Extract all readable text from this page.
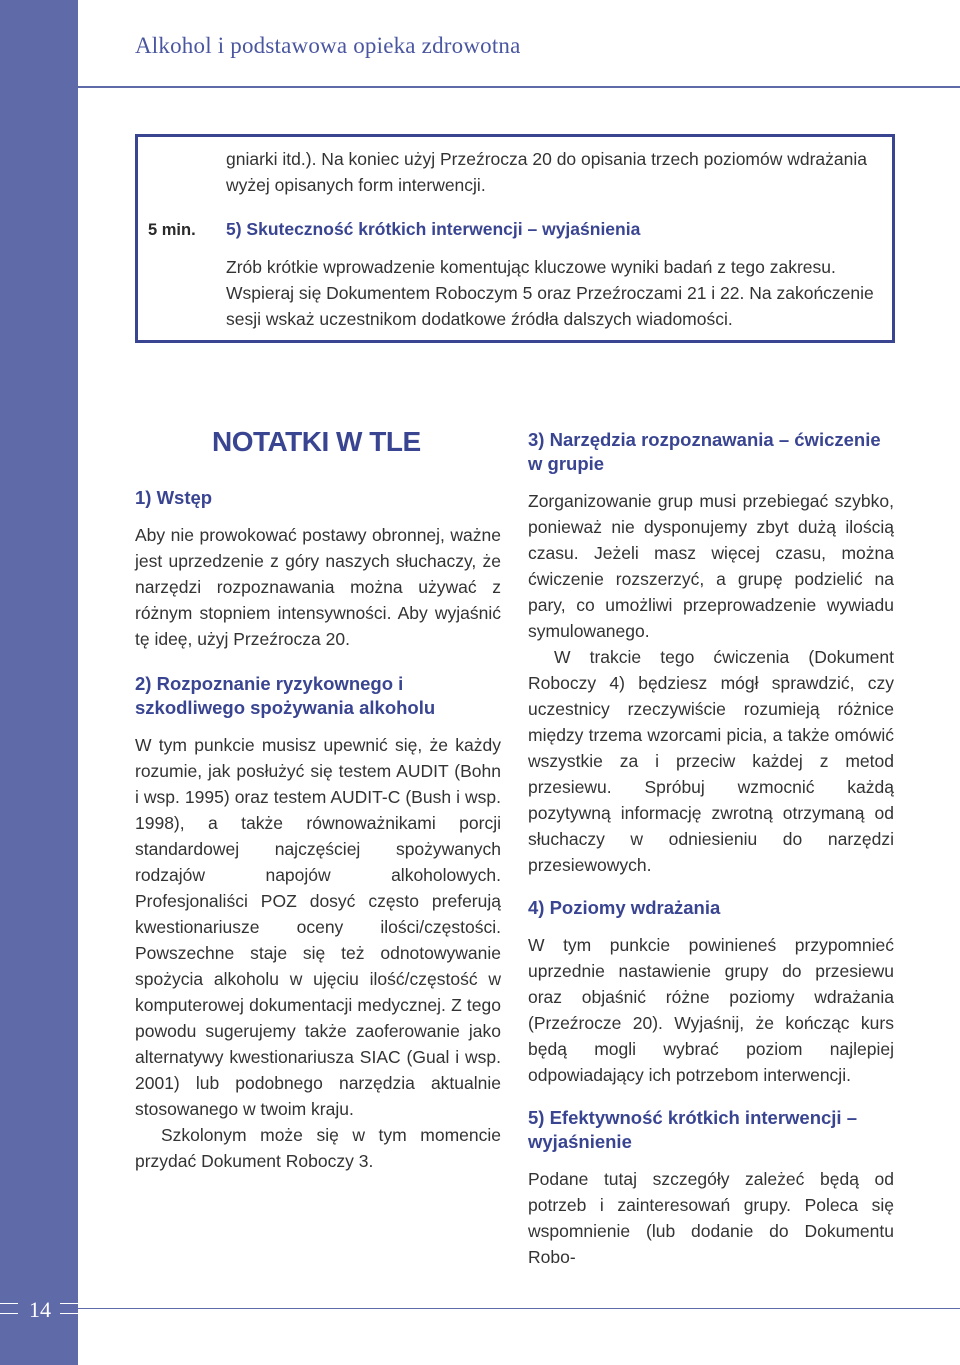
Alkohol i podstawowa opieka zdrowotna

gniarki itd.). Na koniec użyj Przeźrocza 20 do opisania trzech poziomów wdrażania wyżej opisanych form interwencji.

5 min. 5) Skuteczność krótkich interwencji – wyjaśnienia

Zrób krótkie wprowadzenie komentując kluczowe wyniki badań z tego zakresu. Wspieraj się Dokumentem Roboczym 5 oraz Przeźroczami 21 i 22. Na zakończenie sesji wskaż uczestnikom dodatkowe źródła dalszych wiadomości.

NOTATKI W TLE
1) Wstęp

Aby nie prowokować postawy obronnej, ważne jest uprzedzenie z góry naszych słuchaczy, że narzędzi rozpoznawania można używać z różnym stopniem intensywności. Aby wyjaśnić tę ideę, użyj Przeźrocza 20.

2) Rozpoznanie ryzykownego i szkodliwego spożywania alkoholu

W tym punkcie musisz upewnić się, że każdy rozumie, jak posłużyć się testem AUDIT (Bohn i wsp. 1995) oraz testem AUDIT-C (Bush i wsp. 1998), a także równoważnikami porcji standardowej najczęściej spożywanych rodzajów napojów alkoholowych. Profesjonaliści POZ dosyć często preferują kwestionariusze oceny ilości/częstości. Powszechne staje się też odnotowywanie spożycia alkoholu w ujęciu ilość/częstość w komputerowej dokumentacji medycznej. Z tego powodu sugerujemy także zaoferowanie jako alternatywy kwestionariusza SIAC (Gual i wsp. 2001) lub podobnego narzędzia aktualnie stosowanego w twoim kraju.

Szkolonym może się w tym momencie przydać Dokument Roboczy 3.

3) Narzędzia rozpoznawania – ćwiczenie w grupie

Zorganizowanie grup musi przebiegać szybko, ponieważ nie dysponujemy zbyt dużą ilością czasu. Jeżeli masz więcej czasu, można ćwiczenie rozszerzyć, a grupę podzielić na pary, co umożliwi przeprowadzenie wywiadu symulowanego.

W trakcie tego ćwiczenia (Dokument Roboczy 4) będziesz mógł sprawdzić, czy uczestnicy rzeczywiście rozumieją różnice między trzema wzorcami picia, a także omówić wszystkie za i przeciw każdej z metod przesiewu. Spróbuj wzmocnić każdą pozytywną informację zwrotną otrzymaną od słuchaczy w odniesieniu do narzędzi przesiewowych.

4) Poziomy wdrażania

W tym punkcie powinieneś przypomnieć uprzednie nastawienie grupy do przesiewu oraz objaśnić różne poziomy wdrażania (Przeźrocze 20). Wyjaśnij, że kończąc kurs będą mogli wybrać poziom najlepiej odpowiadający ich potrzebom interwencji.

5) Efektywność krótkich interwencji – wyjaśnienie

Podane tutaj szczegóły zależeć będą od potrzeb i zainteresowań grupy. Poleca się wspomnienie (lub dodanie do Dokumentu Robo-

14
